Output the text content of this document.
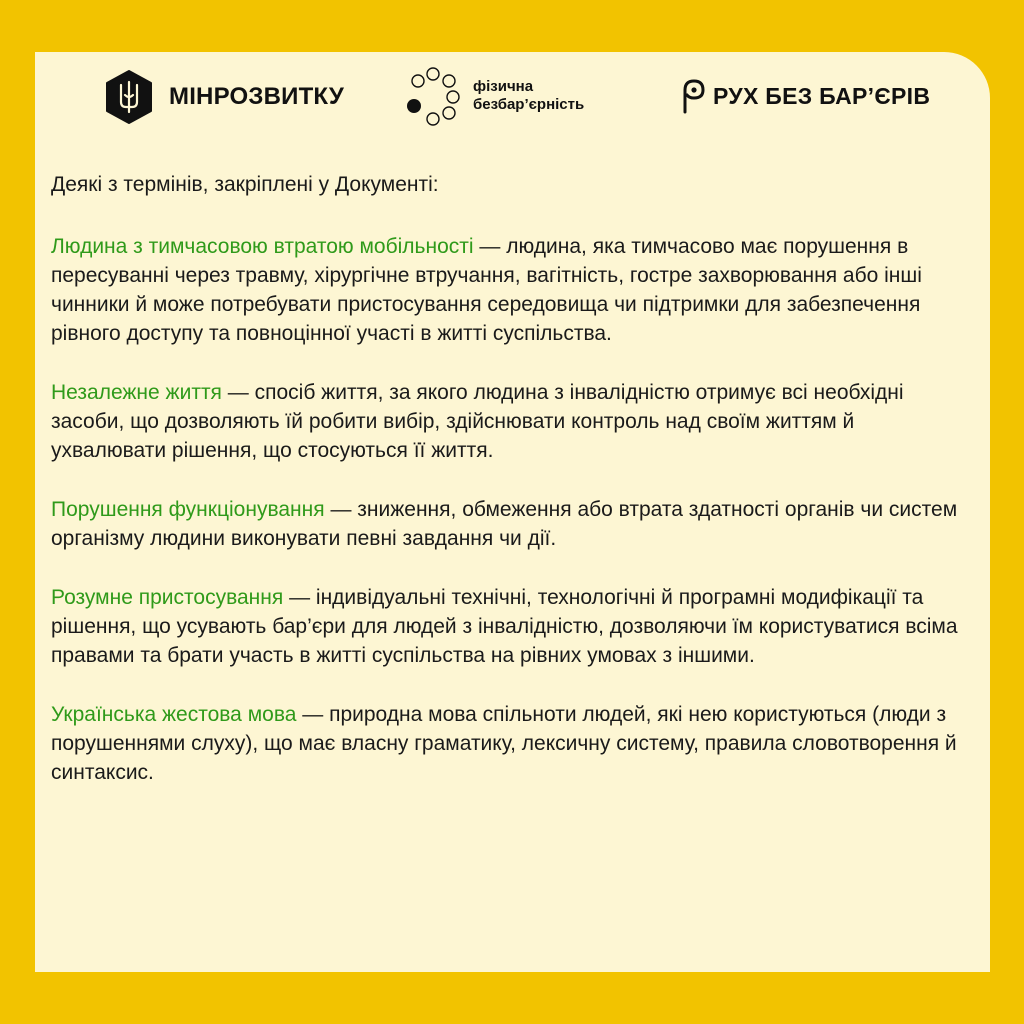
МІНРОЗВИТКУ	фізична
безбар’єрність	РУХ БЕЗ БАР’ЄРІВ

Деякі з термінів, закріплені у Документі:

Людина з тимчасовою втратою мобільності — людина, яка тимчасово має порушення в пересуванні через травму, хірургічне втручання, вагітність, гостре захворювання або інші чинники й може потребувати пристосування середовища чи підтримки для забезпечення рівного доступу та повноцінної участі в житті суспільства.

Незалежне життя — спосіб життя, за якого людина з інвалідністю отримує всі необхідні засоби, що дозволяють їй робити вибір, здійснювати контроль над своїм життям й ухвалювати рішення, що стосуються її життя.

Порушення функціонування — зниження, обмеження або втрата здатності органів чи систем організму людини виконувати певні завдання чи дії.

Розумне пристосування — індивідуальні технічні, технологічні й програмні модифікації та рішення, що усувають бар’єри для людей з інвалідністю, дозволяючи їм користуватися всіма правами та брати участь в житті суспільства на рівних умовах з іншими.

Українська жестова мова — природна мова спільноти людей, які нею користуються (люди з порушеннями слуху), що має власну граматику, лексичну систему, правила словотворення й синтаксис.
